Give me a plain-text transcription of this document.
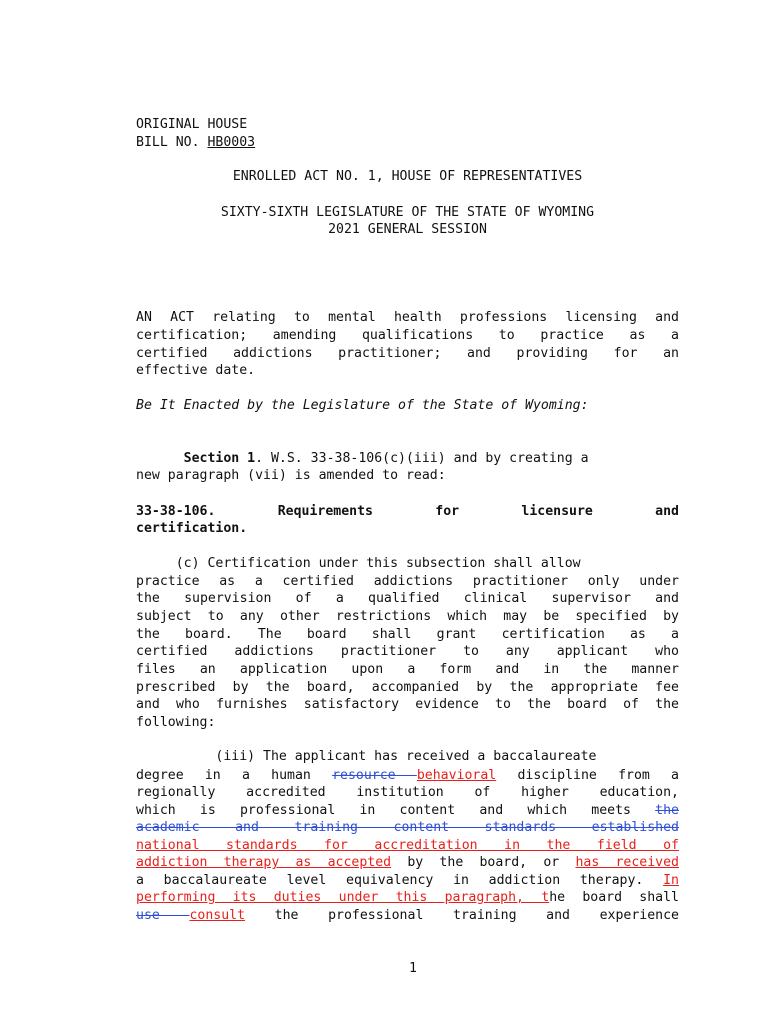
ORIGINAL HOUSE
BILL NO. HB0003
ENROLLED ACT NO. 1, HOUSE OF REPRESENTATIVES
SIXTY-SIXTH LEGISLATURE OF THE STATE OF WYOMING
2021 GENERAL SESSION
AN ACT relating to mental health professions licensing and
certification; amending qualifications to practice as a
certified addictions practitioner; and providing for an
effective date.
Be It Enacted by the Legislature of the State of Wyoming:
Section 1. W.S. 33-38-106(c)(iii) and by creating a
new paragraph (vii) is amended to read:
33-38-106. Requirements for licensure and
certification.
(c) Certification under this subsection shall allow
practice as a certified addictions practitioner only under
the supervision of a qualified clinical supervisor and
subject to any other restrictions which may be specified by
the board. The board shall grant certification as a
certified addictions practitioner to any applicant who
files an application upon a form and in the manner
prescribed by the board, accompanied by the appropriate fee
and who furnishes satisfactory evidence to the board of the
following:
(iii) The applicant has received a baccalaureate
degree in a human resource behavioral discipline from a
regionally accredited institution of higher education,
which is professional in content and which meets the
academic and training content standards established
national standards for accreditation in the field of
addiction therapy as accepted by the board, or has received
a baccalaureate level equivalency in addiction therapy. In
performing its duties under this paragraph, the board shall
use consult the professional training and experience
1
